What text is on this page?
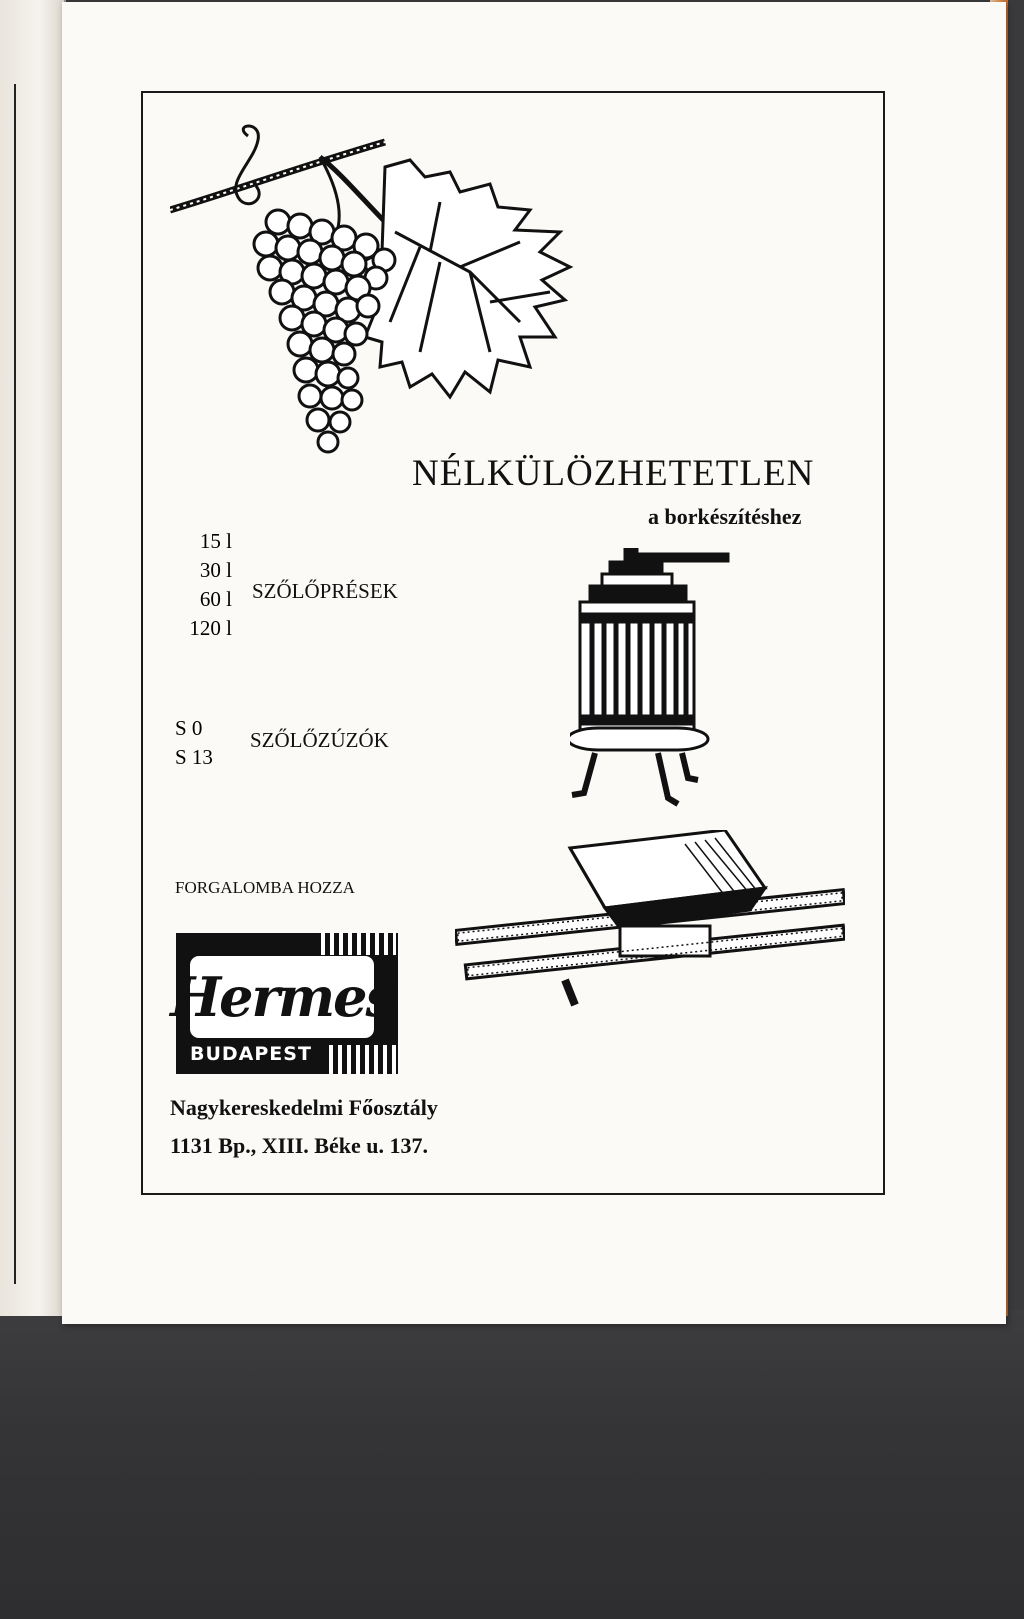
NÉLKÜLÖZHETETLEN
a borkészítéshez
15 l
30 l
60 l
120 l
SZŐLŐPRÉSEK
S 0
S 13
SZŐLŐZÚZÓK
FORGALOMBA HOZZA
Hermes
BUDAPEST
Nagykereskedelmi Főosztály
1131 Bp., XIII. Béke u. 137.
